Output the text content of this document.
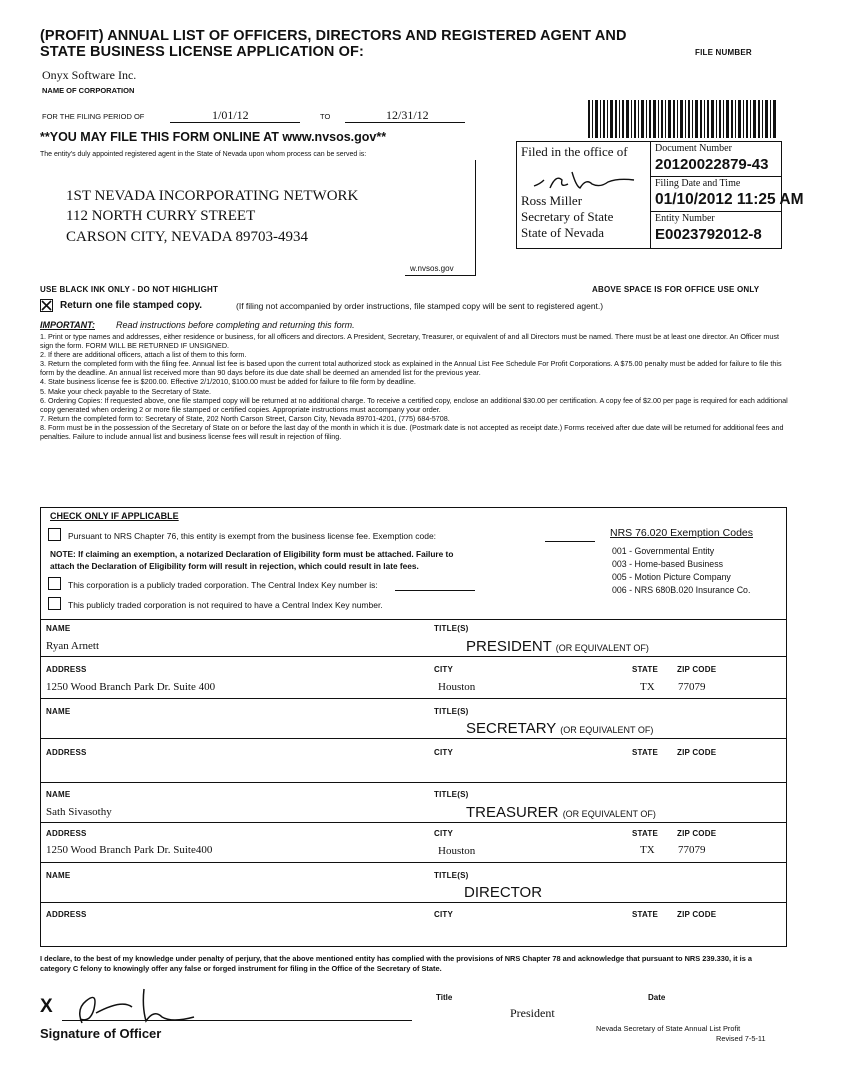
(PROFIT) ANNUAL LIST OF OFFICERS, DIRECTORS AND REGISTERED AGENT AND
STATE BUSINESS LICENSE APPLICATION OF:	FILE NUMBER
Onyx Software Inc.
NAME OF CORPORATION
FOR THE FILING PERIOD OF	1/01/12	TO	12/31/12
**YOU MAY FILE THIS FORM ONLINE AT www.nvsos.gov**
The entity's duly appointed registered agent in the State of Nevada upon whom process can be served is:
1ST NEVADA INCORPORATING NETWORK
112 NORTH CURRY STREET
CARSON CITY, NEVADA 89703-4934
w.nvsos.gov
Filed in the office of
Ross Miller
Secretary of State
State of Nevada
Document Number
20120022879-43
Filing Date and Time
01/10/2012 11:25 AM
Entity Number
E0023792012-8
USE BLACK INK ONLY - DO NOT HIGHLIGHT	ABOVE SPACE IS FOR OFFICE USE ONLY
Return one file stamped copy.	(If filing not accompanied by order instructions, file stamped copy will be sent to registered agent.)
IMPORTANT: Read instructions before completing and returning this form.
1. Print or type names and addresses, either residence or business, for all officers and directors. A President, Secretary, Treasurer, or equivalent of and all Directors must be named. There must be at least one director. An Officer must sign the form. FORM WILL BE RETURNED IF UNSIGNED.
2. If there are additional officers, attach a list of them to this form.
3. Return the completed form with the filing fee. Annual list fee is based upon the current total authorized stock as explained in the Annual List Fee Schedule For Profit Corporations. A $75.00 penalty must be added for failure to file this form by the deadline. An annual list received more than 90 days before its due date shall be deemed an amended list for the previous year.
4. State business license fee is $200.00. Effective 2/1/2010, $100.00 must be added for failure to file form by deadline.
5. Make your check payable to the Secretary of State.
6. Ordering Copies: If requested above, one file stamped copy will be returned at no additional charge. To receive a certified copy, enclose an additional $30.00 per certification. A copy fee of $2.00 per page is required for each additional copy generated when ordering 2 or more file stamped or certified copies. Appropriate instructions must accompany your order.
7. Return the completed form to: Secretary of State, 202 North Carson Street, Carson City, Nevada 89701-4201, (775) 684-5708.
8. Form must be in the possession of the Secretary of State on or before the last day of the month in which it is due. (Postmark date is not accepted as receipt date.) Forms received after due date will be returned for additional fees and penalties. Failure to include annual list and business license fees will result in rejection of filing.
CHECK ONLY IF APPLICABLE
Pursuant to NRS Chapter 76, this entity is exempt from the business license fee. Exemption code:
NOTE: If claiming an exemption, a notarized Declaration of Eligibility form must be attached. Failure to
attach the Declaration of Eligibility form will result in rejection, which could result in late fees.
This corporation is a publicly traded corporation. The Central Index Key number is:
This publicly traded corporation is not required to have a Central Index Key number.
NRS 76.020 Exemption Codes
001 - Governmental Entity
003 - Home-based Business
005 - Motion Picture Company
006 - NRS 680B.020 Insurance Co.
NAME	TITLE(S)
Ryan Arnett	PRESIDENT (OR EQUIVALENT OF)
ADDRESS	CITY	STATE ZIP CODE
1250 Wood Branch Park Dr. Suite 400	Houston	TX 77079
NAME	TITLE(S)
SECRETARY (OR EQUIVALENT OF)
ADDRESS	CITY	STATE ZIP CODE
NAME	TITLE(S)
Sath Sivasothy	TREASURER (OR EQUIVALENT OF)
ADDRESS	CITY	STATE ZIP CODE
1250 Wood Branch Park Dr. Suite400	Houston	TX 77079
NAME	TITLE(S)
DIRECTOR
ADDRESS	CITY	STATE ZIP CODE
I declare, to the best of my knowledge under penalty of perjury, that the above mentioned entity has complied with the provisions of NRS Chapter 78 and acknowledge that pursuant to NRS 239.330, it is a category C felony to knowingly offer any false or forged instrument for filing in the Office of the Secretary of State.
X
Signature of Officer
Title
President
Date
Nevada Secretary of State Annual List Profit
Revised 7-5-11
